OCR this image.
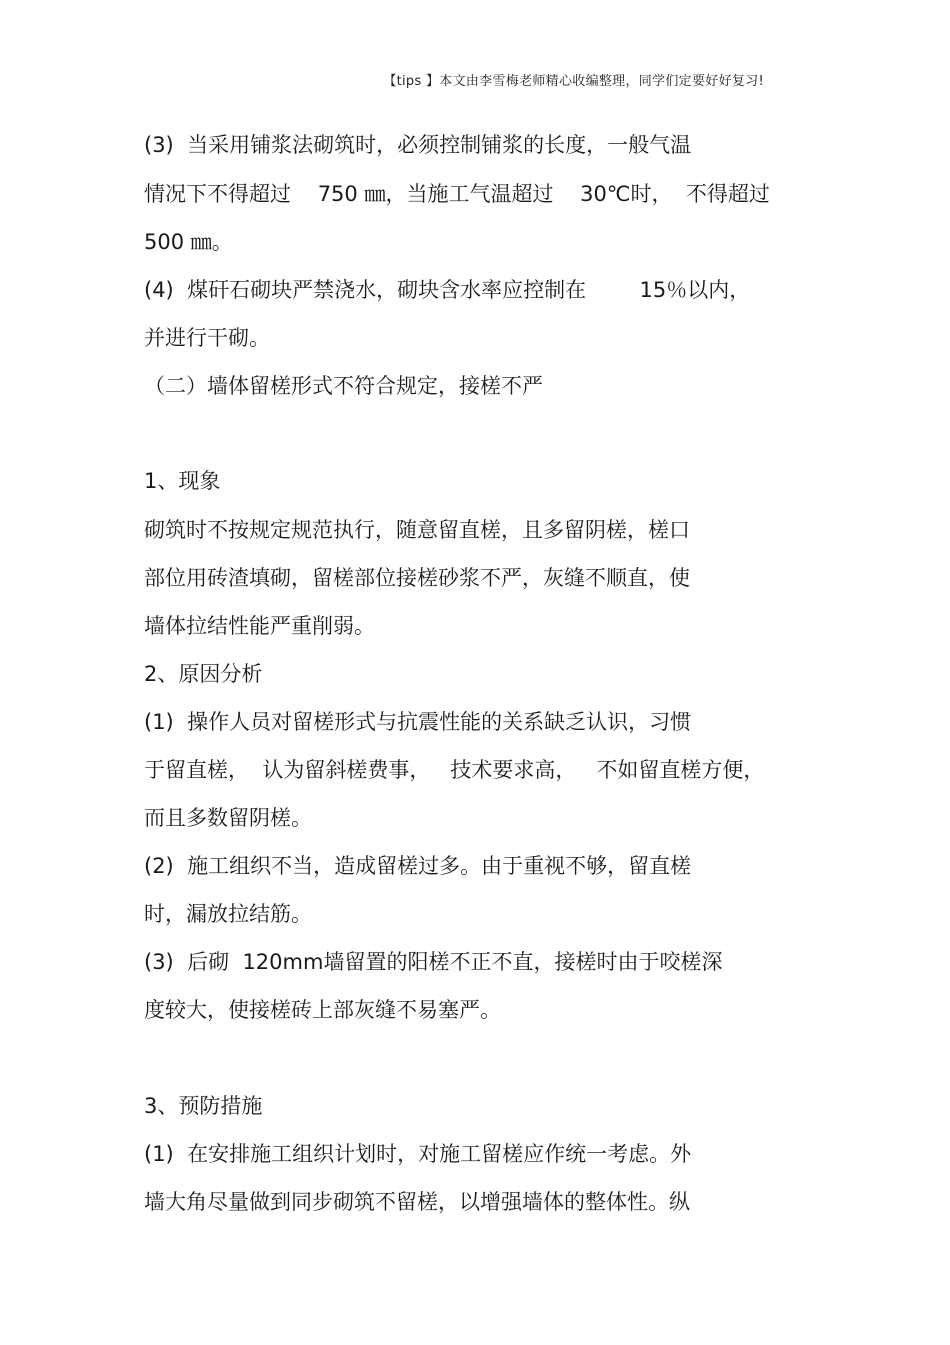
【tips 】本文由李雪梅老师精心收编整理，同学们定要好好复习!
(3)  当采用铺浆法砌筑时，必须控制铺浆的长度，一般气温
情况下不得超过    750 ㎜，当施工气温超过    30℃时，  不得超过
500 ㎜。
(4)  煤矸石砌块严禁浇水，砌块含水率应控制在        15％以内，
并进行干砌。
（二）墙体留槎形式不符合规定，接槎不严
1、现象
砌筑时不按规定规范执行，随意留直槎，且多留阴槎，槎口
部位用砖渣填砌，留槎部位接槎砂浆不严，灰缝不顺直，使
墙体拉结性能严重削弱。
2、原因分析
(1)  操作人员对留槎形式与抗震性能的关系缺乏认识，习惯
于留直槎，  认为留斜槎费事，   技术要求高，   不如留直槎方便，
而且多数留阴槎。
(2)  施工组织不当，造成留槎过多。由于重视不够，留直槎
时，漏放拉结筋。
(3)  后砌  120mm墙留置的阳槎不正不直，接槎时由于咬槎深
度较大，使接槎砖上部灰缝不易塞严。
3、预防措施
(1)  在安排施工组织计划时，对施工留槎应作统一考虑。外
墙大角尽量做到同步砌筑不留槎，以增强墙体的整体性。纵
